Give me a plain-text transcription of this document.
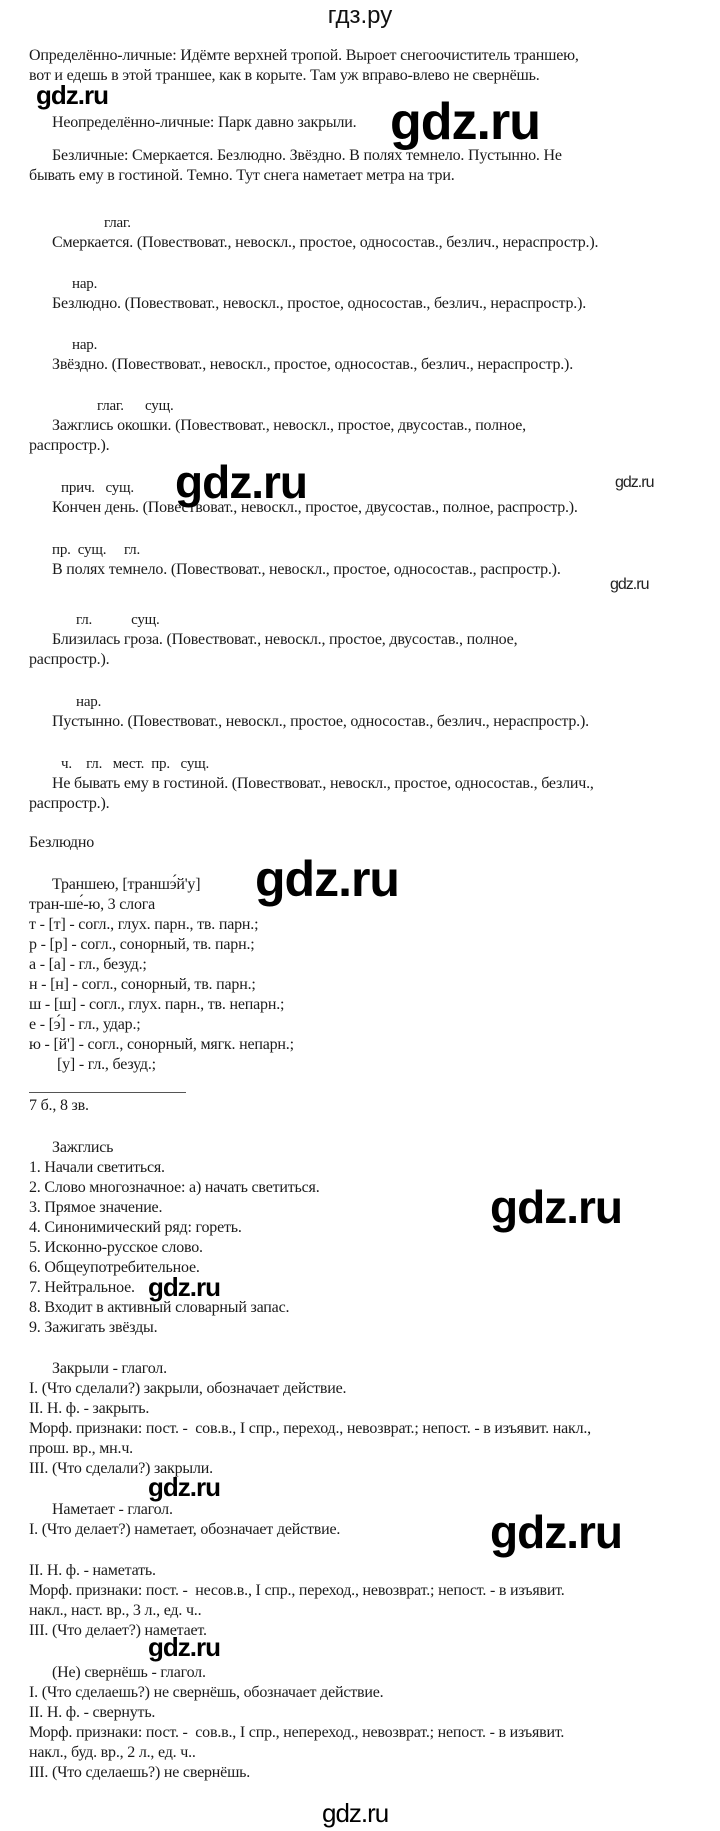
гдз.ру
Определённо-личные: Идёмте верхней тропой. Выроет снегоочиститель траншею,
вот и едешь в этой траншее, как в корыте. Там уж вправо-влево не свернёшь.
Неопределённо-личные: Парк давно закрыли.
Безличные: Смеркается. Безлюдно. Звёздно. В полях темнело. Пустынно. Не
бывать ему в гостиной. Темно. Тут снега наметает метра на три.
глаг.
Смеркается. (Повествоват., невоскл., простое, односостав., безлич., нераспростр.).
нар.
Безлюдно. (Повествоват., невоскл., простое, односостав., безлич., нераспростр.).
нар.
Звёздно. (Повествоват., невоскл., простое, односостав., безлич., нераспростр.).
глаг.      сущ.
Зажглись окошки. (Повествоват., невоскл., простое, двусостав., полное,
распростр.).
прич.   сущ.
Кончен день. (Повествоват., невоскл., простое, двусостав., полное, распростр.).
пр.  сущ.     гл.
В полях темнело. (Повествоват., невоскл., простое, односостав., распростр.).
гл.           сущ.
Близилась гроза. (Повествоват., невоскл., простое, двусостав., полное,
распростр.).
нар.
Пустынно. (Повествоват., невоскл., простое, односостав., безлич., нераспростр.).
ч.    гл.   мест.  пр.   сущ.
Не бывать ему в гостиной. (Повествоват., невоскл., простое, односостав., безлич.,
распростр.).
Безлюдно
Траншею, [траншэ́й'у]
тран-ше́-ю, 3 слога
т - [т] - согл., глух. парн., тв. парн.;
р - [р] - согл., сонорный, тв. парн.;
а - [а] - гл., безуд.;
н - [н] - согл., сонорный, тв. парн.;
ш - [ш] - согл., глух. парн., тв. непарн.;
е - [э́] - гл., удар.;
ю - [й'] - согл., сонорный, мягк. непарн.;
[у] - гл., безуд.;
7 б., 8 зв.
Зажглись
1. Начали светиться.
2. Слово многозначное: а) начать светиться.
3. Прямое значение.
4. Синонимический ряд: гореть.
5. Исконно-русское слово.
6. Общеупотребительное.
7. Нейтральное.
8. Входит в активный словарный запас.
9. Зажигать звёзды.
Закрыли - глагол.
I. (Что сделали?) закрыли, обозначает действие.
II. Н. ф. - закрыть.
Морф. признаки: пост. -  сов.в., I спр., переход., невозврат.; непост. - в изъявит. накл.,
прош. вр., мн.ч.
III. (Что сделали?) закрыли.
Наметает - глагол.
I. (Что делает?) наметает, обозначает действие.
II. Н. ф. - наметать.
Морф. признаки: пост. -  несов.в., I спр., переход., невозврат.; непост. - в изъявит.
накл., наст. вр., 3 л., ед. ч..
III. (Что делает?) наметает.
(Не) свернёшь - глагол.
I. (Что сделаешь?) не свернёшь, обозначает действие.
II. Н. ф. - свернуть.
Морф. признаки: пост. -  сов.в., I спр., непереход., невозврат.; непост. - в изъявит.
накл., буд. вр., 2 л., ед. ч..
III. (Что сделаешь?) не свернёшь.
gdz.ru	gdz.ru
gdz.ru	gdz.ru
gdz.ru
gdz.ru
gdz.ru
gdz.ru
gdz.ru
gdz.ru
gdz.ru
gdz.ru
